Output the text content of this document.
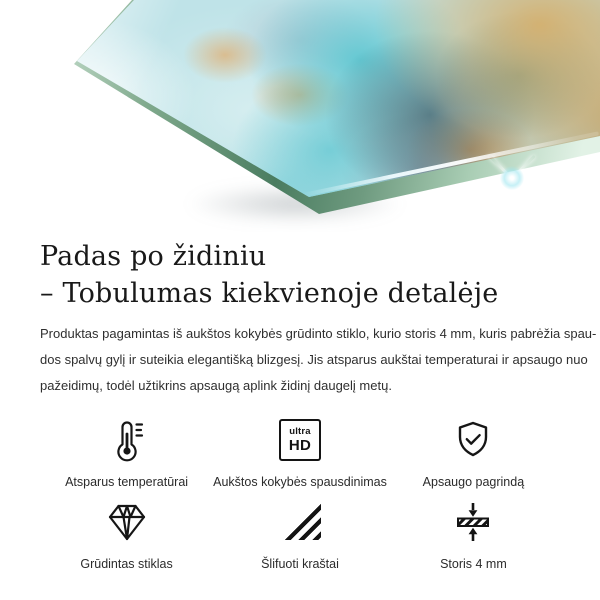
Padas po židiniu
– Tobulumas kiekvienoje detalėje
Produktas pagamintas iš aukštos kokybės grūdinto stiklo, kurio storis 4 mm, kuris pabrėžia spau-
dos spalvų gylį ir suteikia elegantišką blizgesį. Jis atsparus aukštai temperaturai ir apsaugo nuo
pažeidimų, todėl užtikrins apsaugą aplink židinį daugelį metų.
Atsparus temperatūrai
ultra
HD
Aukštos kokybės spausdinimas	Apsaugo pagrindą
Grūdintas stiklas	Šlifuoti kraštai	Storis 4 mm
